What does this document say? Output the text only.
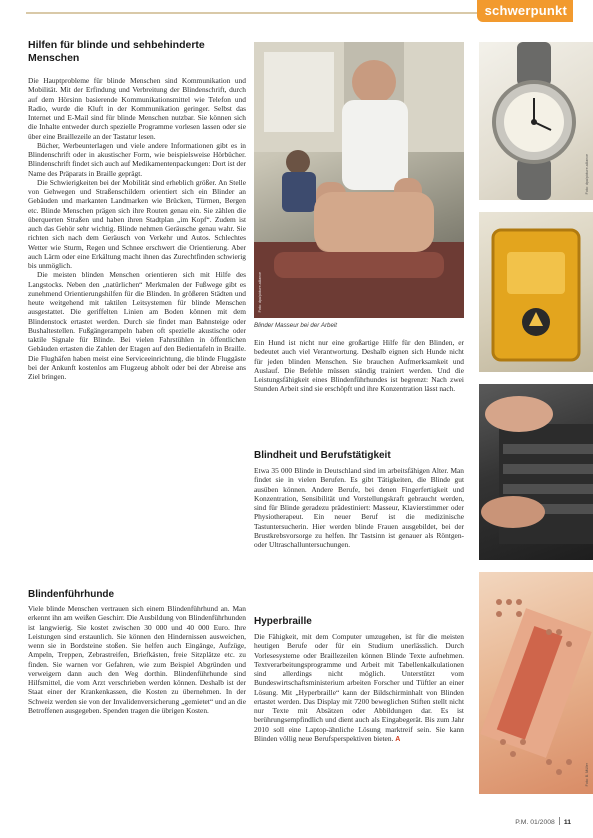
schwerpunkt
Hilfen für blinde und sehbehinderte Menschen

Die Hauptprobleme für blinde Menschen sind Kommunikation und Mobilität. Mit der Erfindung und Verbreitung der Blindenschrift, durch auf dem Hörsinn basierende Kommunikationsmittel wie Telefon und Radio, wurde die Kluft in der Kommunikation geringer. Selbst das Internet und E-Mail sind für blinde Menschen nutzbar. Sie können sich die Inhalte entweder durch spezielle Programme vorlesen lassen oder sie über eine Braillezeile an der Tastatur lesen.

Bücher, Werbeunterlagen und viele andere Informationen gibt es in Blindenschrift oder in akustischer Form, wie beispielsweise Hörbücher. Blindenschrift findet sich auch auf Medikamentenpackungen: Dort ist der Name des Präparats in Braille geprägt.

Die Schwierigkeiten bei der Mobilität sind erheblich größer. An Stelle von Gehwegen und Straßenschildern orientiert sich ein Blinder an Gebäuden und markanten Landmarken wie Brücken, Türmen, Bergen etc. Blinde Menschen prägen sich ihre Routen genau ein. Sie zählen die überquerten Straßen und haben ihren Stadtplan „im Kopf“. Zudem ist auch das Gehör sehr wichtig. Blinde nehmen Geräusche genau wahr. Sie richten sich nach dem Geräusch von Verkehr und Autos. Schlechtes Wetter wie Sturm, Regen und Schnee erschwert die Orientierung. Aber auch Lärm oder eine Erkältung macht ihnen das Zurechtfinden schwierig bis unmöglich.

Die meisten blinden Menschen orientieren sich mit Hilfe des Langstocks. Neben den „natürlichen“ Merkmalen der Fußwege gibt es zunehmend Orientierungshilfen für die Blinden. In größeren Städten und heute weitgehend mit taktilen Leitsystemen für blinde Menschen ausgestattet. Die geriffelten Linien am Boden können mit dem Blindenstock ertastet werden. Durch sie findet man Bahnsteige oder Bushaltestellen. Fußgängerampeln haben oft spezielle akustische oder taktile Signale für Blinde. Bei vielen Fahrstühlen in öffentlichen Gebäuden ertasten die Zahlen der Etagen auf den Bedientafeln in Braille. Die Flughäfen haben meist eine Serviceeinrichtung, die blinde Fluggäste bei der Ankunft kostenlos am Flugzeug abholt oder bei der Abreise ans Ziel bringen.

Blindenführhunde

Viele blinde Menschen vertrauen sich einem Blindenführhund an. Man erkennt ihn am weißen Geschirr. Die Ausbildung von Blindenführhunden ist langwierig. Sie kostet zwischen 30 000 und 40 000 Euro. Ihre Leistungen sind erstaunlich. Sie können den Hindernissen ausweichen, wenn sie in Bordsteine stoßen. Sie helfen auch Eingänge, Aufzüge, Ampeln, Treppen, Zebrastreifen, Briefkästen, freie Sitzplätze etc. zu finden. Sie warnen vor Gefahren, wie zum Beispiel Abgründen und verweigern dann auch den Weg dorthin. Blindenführhunde sind Hilfsmittel, die vom Arzt verschrieben werden können. Deshalb ist der Staat einer der Krankenkassen, die Kosten zu übernehmen. In der Schweiz werden sie von der Invalidenversicherung „gemietet“ und an die Betroffenen ausgegeben. Spenden tragen die übrigen Kosten.

Foto: dpa/picture-alliance
Blinder Masseur bei der Arbeit

Ein Hund ist nicht nur eine großartige Hilfe für den Blinden, er bedeutet auch viel Verantwortung. Deshalb eignen sich Hunde nicht für jeden blinden Menschen. Sie brauchen Aufmerksamkeit und Auslauf. Die Befehle müssen ständig trainiert werden. Und die Leistungsfähigkeit eines Blindenführhundes ist begrenzt: Nach zwei Stunden Arbeit sind sie erschöpft und ihre Konzentration lässt nach.

Blindheit und Berufstätigkeit

Etwa 35 000 Blinde in Deutschland sind im arbeitsfähigen Alter. Man findet sie in vielen Berufen. Es gibt Tätigkeiten, die Blinde gut ausüben können. Andere Berufe, bei denen Fingerfertigkeit und Konzentration, Sensibilität und Vorstellungskraft gebraucht werden, sind für Blinde geradezu prädestiniert: Masseur, Klavierstimmer oder Physiotherapeut. Ein neuer Beruf ist die medizinische Tastuntersucherin. Hier werden blinde Frauen ausgebildet, bei der Brustkrebsvorsorge zu helfen. Ihr Tastsinn ist genauer als Röntgen- oder Ultraschalluntersuchungen.

Hyperbraille

Die Fähigkeit, mit dem Computer umzugehen, ist für die meisten heutigen Berufe oder für ein Studium unerlässlich. Durch Vorlesesysteme oder Braillezeilen können Blinde Texte aufnehmen. Textverarbeitungsprogramme und Arbeit mit Tabellenkalkulationen sind allerdings nicht möglich. Unterstützt vom Bundeswirtschaftsministerium arbeiten Forscher und Tüftler an einer Lösung. Mit „Hyperbraille“ kann der Bildschirminhalt von Blinden ertastet werden. Das Display mit 7200 beweglichen Stiften stellt nicht nur Texte mit Absätzen oder Abbildungen dar. Es ist berührungsempfindlich und dient auch als Eingabegerät. Bis zum Jahr 2010 soll eine Laptop-ähnliche Lösung marktreif sein. Sie kann Blinden völlig neue Berufsperspektiven bieten. A

Foto: dpa/picture-alliance
Foto: B. Müller
P.M. 01/2008 11
